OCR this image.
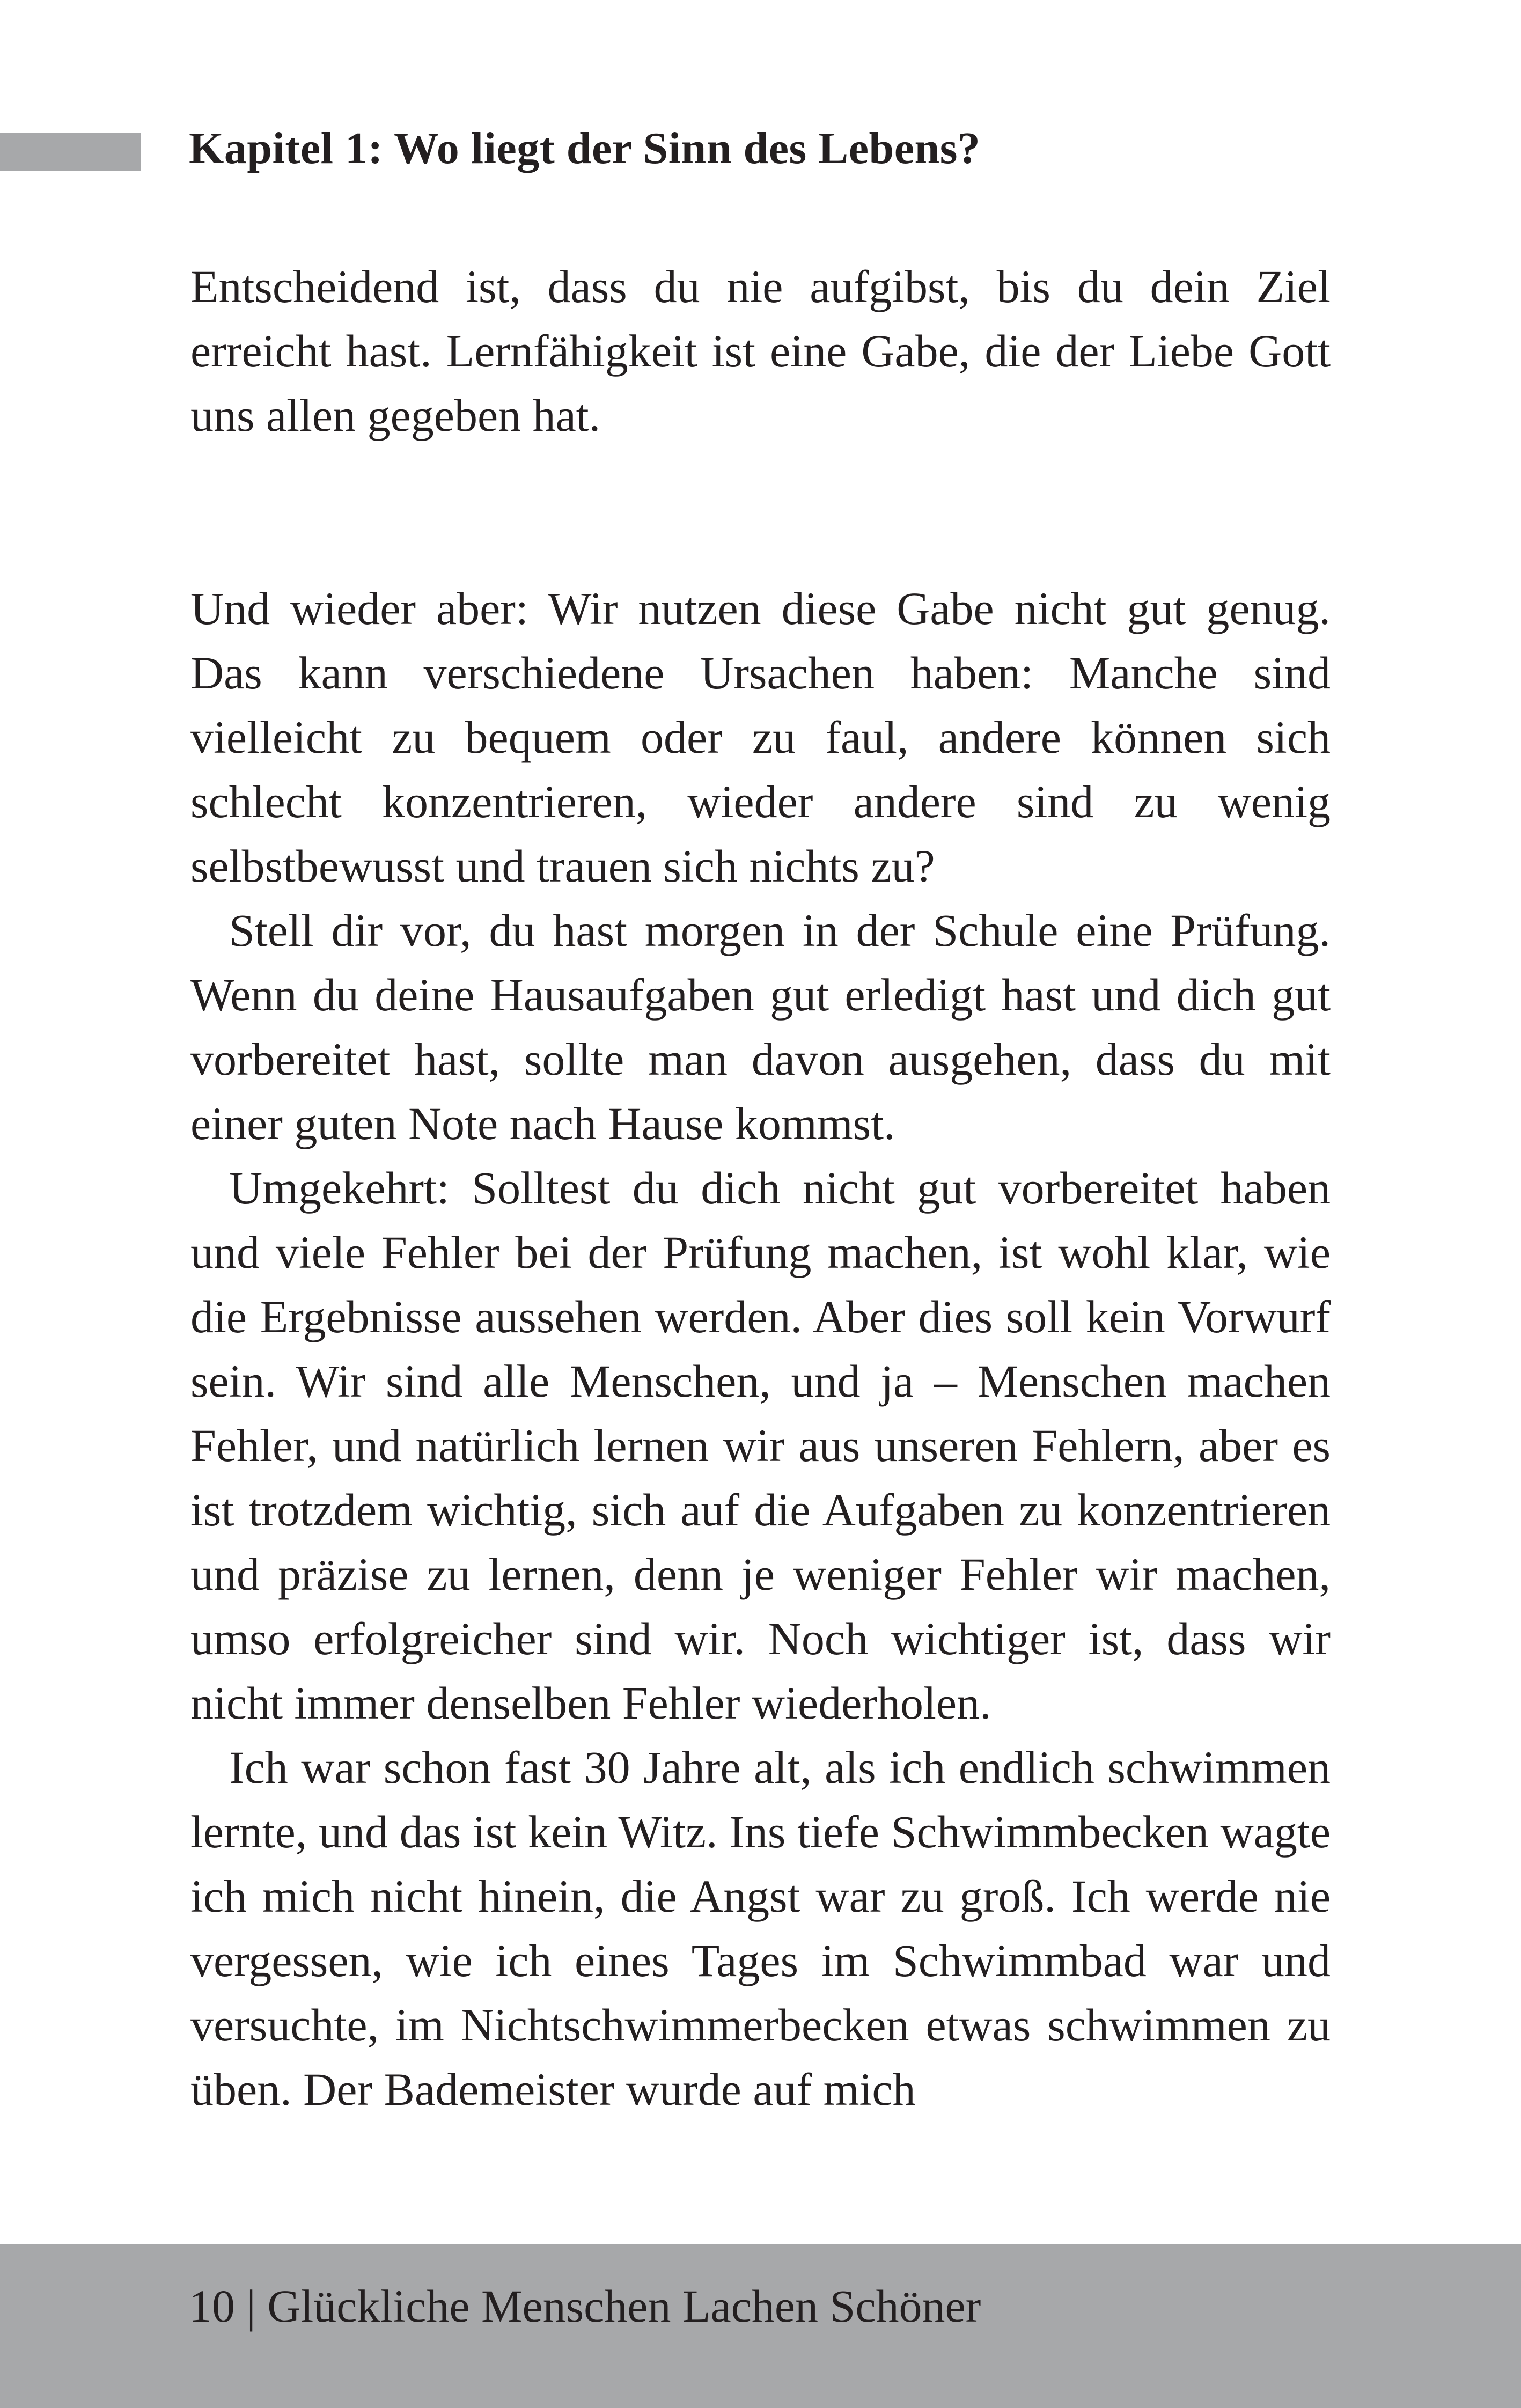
Kapitel 1: Wo liegt der Sinn des Lebens?

Entscheidend ist, dass du nie aufgibst, bis du dein Ziel erreicht hast. Lernfähigkeit ist eine Gabe, die der Liebe Gott uns allen gegeben hat.

Und wieder aber: Wir nutzen diese Gabe nicht gut genug. Das kann verschiedene Ursachen haben: Manche sind vielleicht zu bequem oder zu faul, andere können sich schlecht konzentrieren, wieder andere sind zu wenig selbstbewusst und trauen sich nichts zu?

Stell dir vor, du hast morgen in der Schule eine Prüfung. Wenn du deine Hausaufgaben gut erledigt hast und dich gut vorbereitet hast, sollte man davon ausgehen, dass du mit einer guten Note nach Hause kommst.

Umgekehrt: Solltest du dich nicht gut vorbereitet haben und viele Fehler bei der Prüfung machen, ist wohl klar, wie die Ergebnisse aussehen werden. Aber dies soll kein Vorwurf sein. Wir sind alle Menschen, und ja – Menschen machen Fehler, und natürlich lernen wir aus unseren Fehlern, aber es ist trotzdem wichtig, sich auf die Aufgaben zu konzentrieren und präzise zu lernen, denn je weniger Fehler wir machen, umso erfolgreicher sind wir. Noch wichtiger ist, dass wir nicht immer denselben Fehler wiederholen.

Ich war schon fast 30 Jahre alt, als ich endlich schwimmen lernte, und das ist kein Witz. Ins tiefe Schwimmbecken wagte ich mich nicht hinein, die Angst war zu groß. Ich werde nie vergessen, wie ich eines Tages im Schwimmbad war und versuchte, im Nichtschwimmerbecken etwas schwimmen zu üben. Der Bademeister wurde auf mich

10 | Glückliche Menschen Lachen Schöner
